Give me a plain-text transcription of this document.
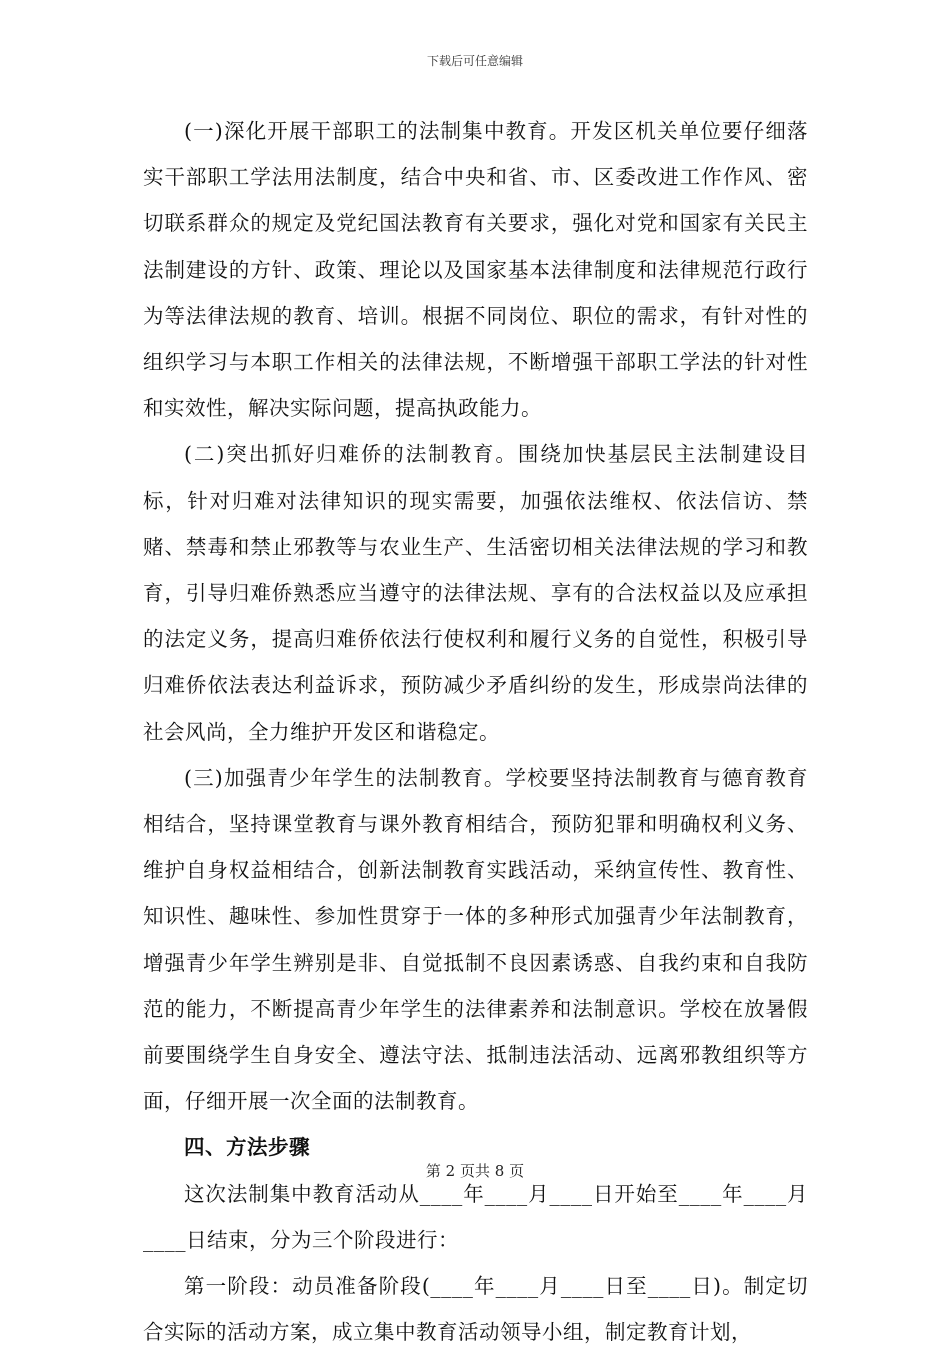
下载后可任意编辑

(一)深化开展干部职工的法制集中教育。开发区机关单位要仔细落实干部职工学法用法制度，结合中央和省、市、区委改进工作作风、密切联系群众的规定及党纪国法教育有关要求，强化对党和国家有关民主法制建设的方针、政策、理论以及国家基本法律制度和法律规范行政行为等法律法规的教育、培训。根据不同岗位、职位的需求，有针对性的组织学习与本职工作相关的法律法规，不断增强干部职工学法的针对性和实效性，解决实际问题，提高执政能力。

(二)突出抓好归难侨的法制教育。围绕加快基层民主法制建设目标，针对归难对法律知识的现实需要，加强依法维权、依法信访、禁赌、禁毒和禁止邪教等与农业生产、生活密切相关法律法规的学习和教育，引导归难侨熟悉应当遵守的法律法规、享有的合法权益以及应承担的法定义务，提高归难侨依法行使权利和履行义务的自觉性，积极引导归难侨依法表达利益诉求，预防减少矛盾纠纷的发生，形成崇尚法律的社会风尚，全力维护开发区和谐稳定。

(三)加强青少年学生的法制教育。学校要坚持法制教育与德育教育相结合，坚持课堂教育与课外教育相结合，预防犯罪和明确权利义务、维护自身权益相结合，创新法制教育实践活动，采纳宣传性、教育性、知识性、趣味性、参加性贯穿于一体的多种形式加强青少年法制教育，增强青少年学生辨别是非、自觉抵制不良因素诱惑、自我约束和自我防范的能力，不断提高青少年学生的法律素养和法制意识。学校在放暑假前要围绕学生自身安全、遵法守法、抵制违法活动、远离邪教组织等方面，仔细开展一次全面的法制教育。

四、方法步骤

这次法制集中教育活动从____年____月____日开始至____年____月____日结束，分为三个阶段进行：

第一阶段：动员准备阶段(____年____月____日至____日)。制定切合实际的活动方案，成立集中教育活动领导小组，制定教育计划，

第 2 页共 8 页
